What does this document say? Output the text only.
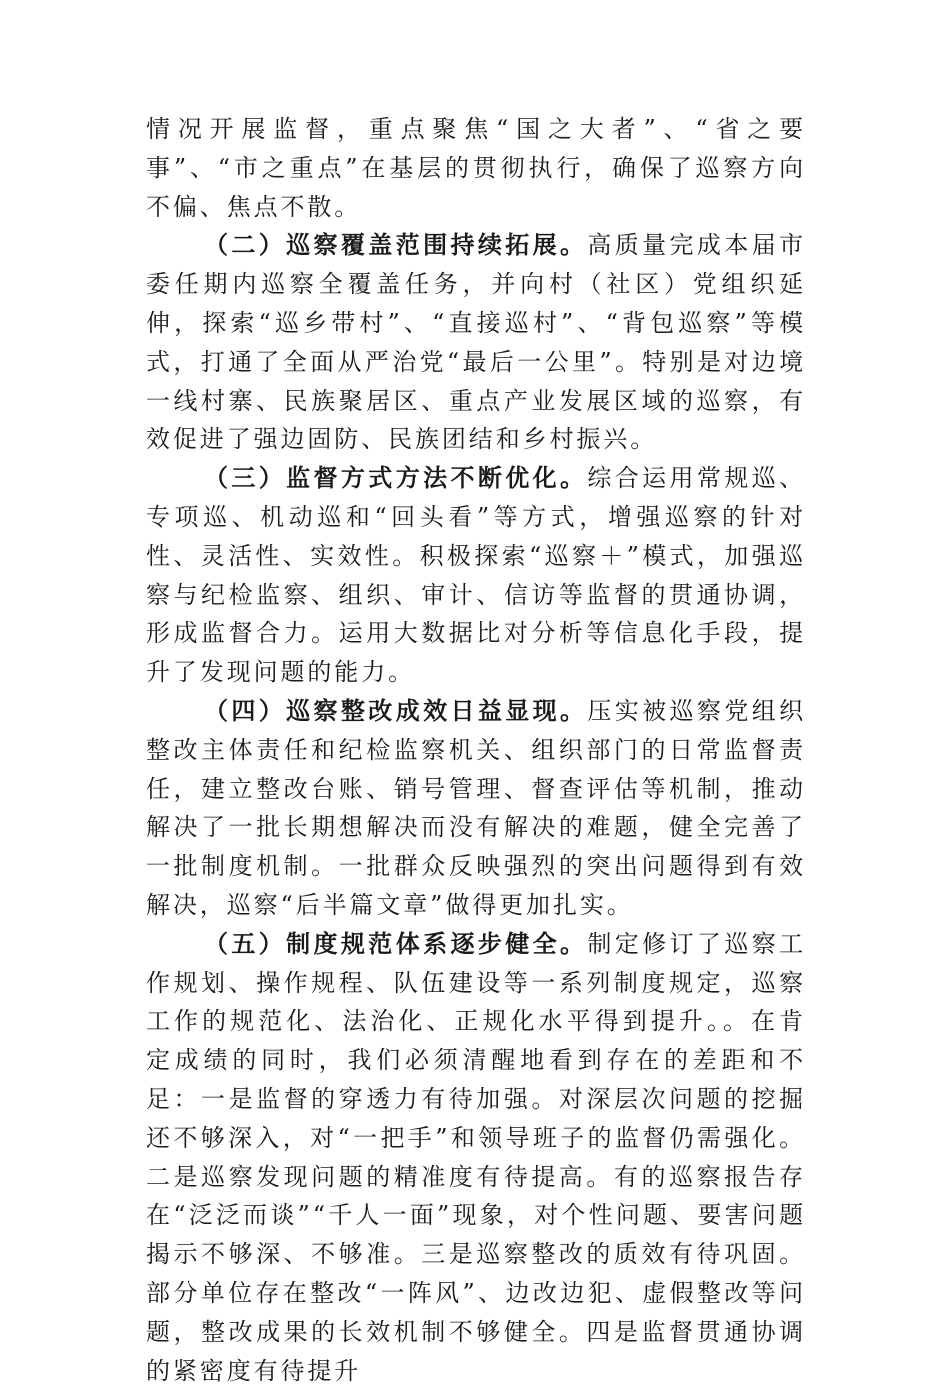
情况开展监督，重点聚焦“国之大者”、“省之要事”、“市之重点”在基层的贯彻执行，确保了巡察方向不偏、焦点不散。

（二）巡察覆盖范围持续拓展。高质量完成本届市委任期内巡察全覆盖任务，并向村（社区）党组织延伸，探索“巡乡带村”、“直接巡村”、“背包巡察”等模式，打通了全面从严治党“最后一公里”。特别是对边境一线村寨、民族聚居区、重点产业发展区域的巡察，有效促进了强边固防、民族团结和乡村振兴。

（三）监督方式方法不断优化。综合运用常规巡、专项巡、机动巡和“回头看”等方式，增强巡察的针对性、灵活性、实效性。积极探索“巡察＋”模式，加强巡察与纪检监察、组织、审计、信访等监督的贯通协调，形成监督合力。运用大数据比对分析等信息化手段，提升了发现问题的能力。

（四）巡察整改成效日益显现。压实被巡察党组织整改主体责任和纪检监察机关、组织部门的日常监督责任，建立整改台账、销号管理、督查评估等机制，推动解决了一批长期想解决而没有解决的难题，健全完善了一批制度机制。一批群众反映强烈的突出问题得到有效解决，巡察“后半篇文章”做得更加扎实。

（五）制度规范体系逐步健全。制定修订了巡察工作规划、操作规程、队伍建设等一系列制度规定，巡察工作的规范化、法治化、正规化水平得到提升。。在肯定成绩的同时，我们必须清醒地看到存在的差距和不足：一是监督的穿透力有待加强。对深层次问题的挖掘还不够深入，对“一把手”和领导班子的监督仍需强化。二是巡察发现问题的精准度有待提高。有的巡察报告存在“泛泛而谈”“千人一面”现象，对个性问题、要害问题揭示不够深、不够准。三是巡察整改的质效有待巩固。部分单位存在整改“一阵风”、边改边犯、虚假整改等问题，整改成果的长效机制不够健全。四是监督贯通协调的紧密度有待提升
